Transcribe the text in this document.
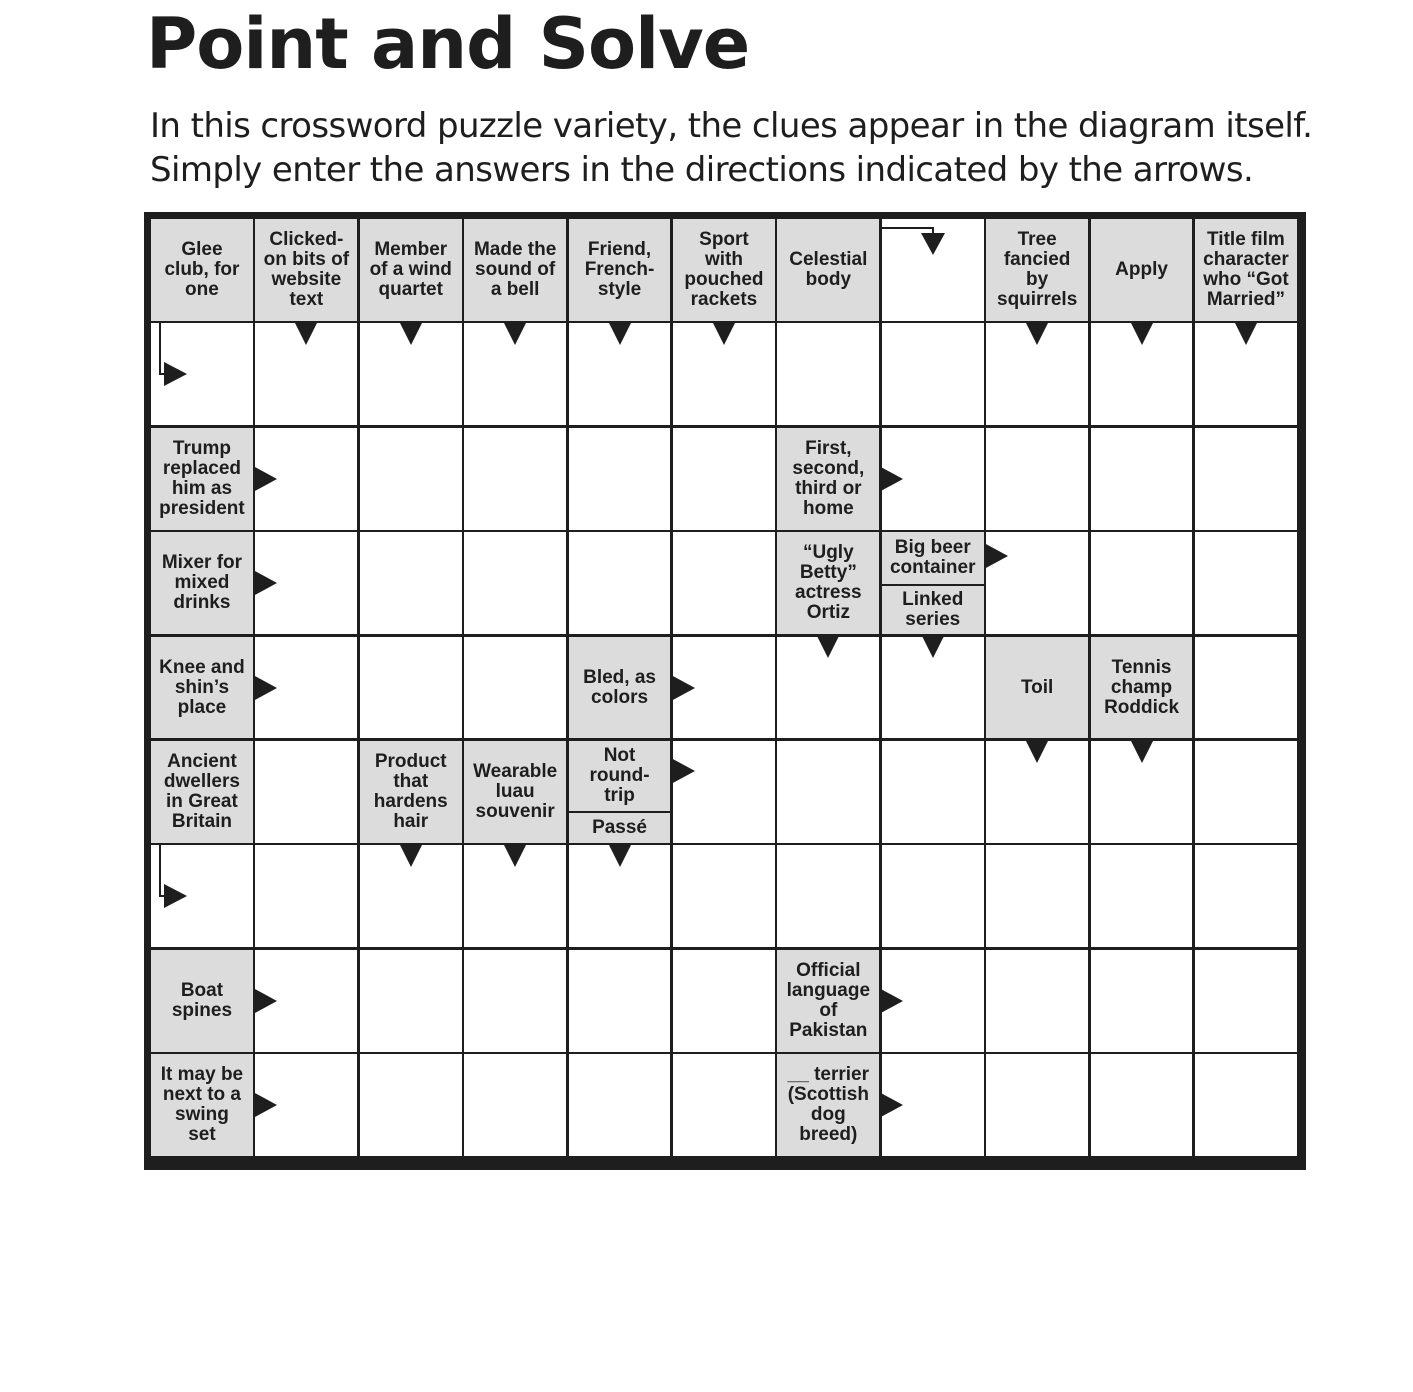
Point and Solve
In this crossword puzzle variety, the clues appear in the diagram itself.
Simply enter the answers in the directions indicated by the arrows.
Glee
club, for
one
Clicked-
on bits of
website
text
Member
of a wind
quartet
Made the
sound of
a bell
Friend,
French-
style
Sport
with
pouched
rackets
Celestial
body
Tree
fancied
by
squirrels
Apply
Title film
character
who “Got
Married”
Trump
replaced
him as
president
First,
second,
third or
home
Mixer for
mixed
drinks
“Ugly
Betty”
actress
Ortiz
Big beer
container
Linked
series
Knee and
shin’s
place
Bled, as
colors	Toil
Tennis
champ
Roddick
Ancient
dwellers
in Great
Britain
Product
that
hardens
hair
Wearable
luau
souvenir
Not
round-
trip
Passé
Boat
spines
Official
language
of
Pakistan
It may be
next to a
swing
set
__ terrier
(Scottish
dog
breed)
